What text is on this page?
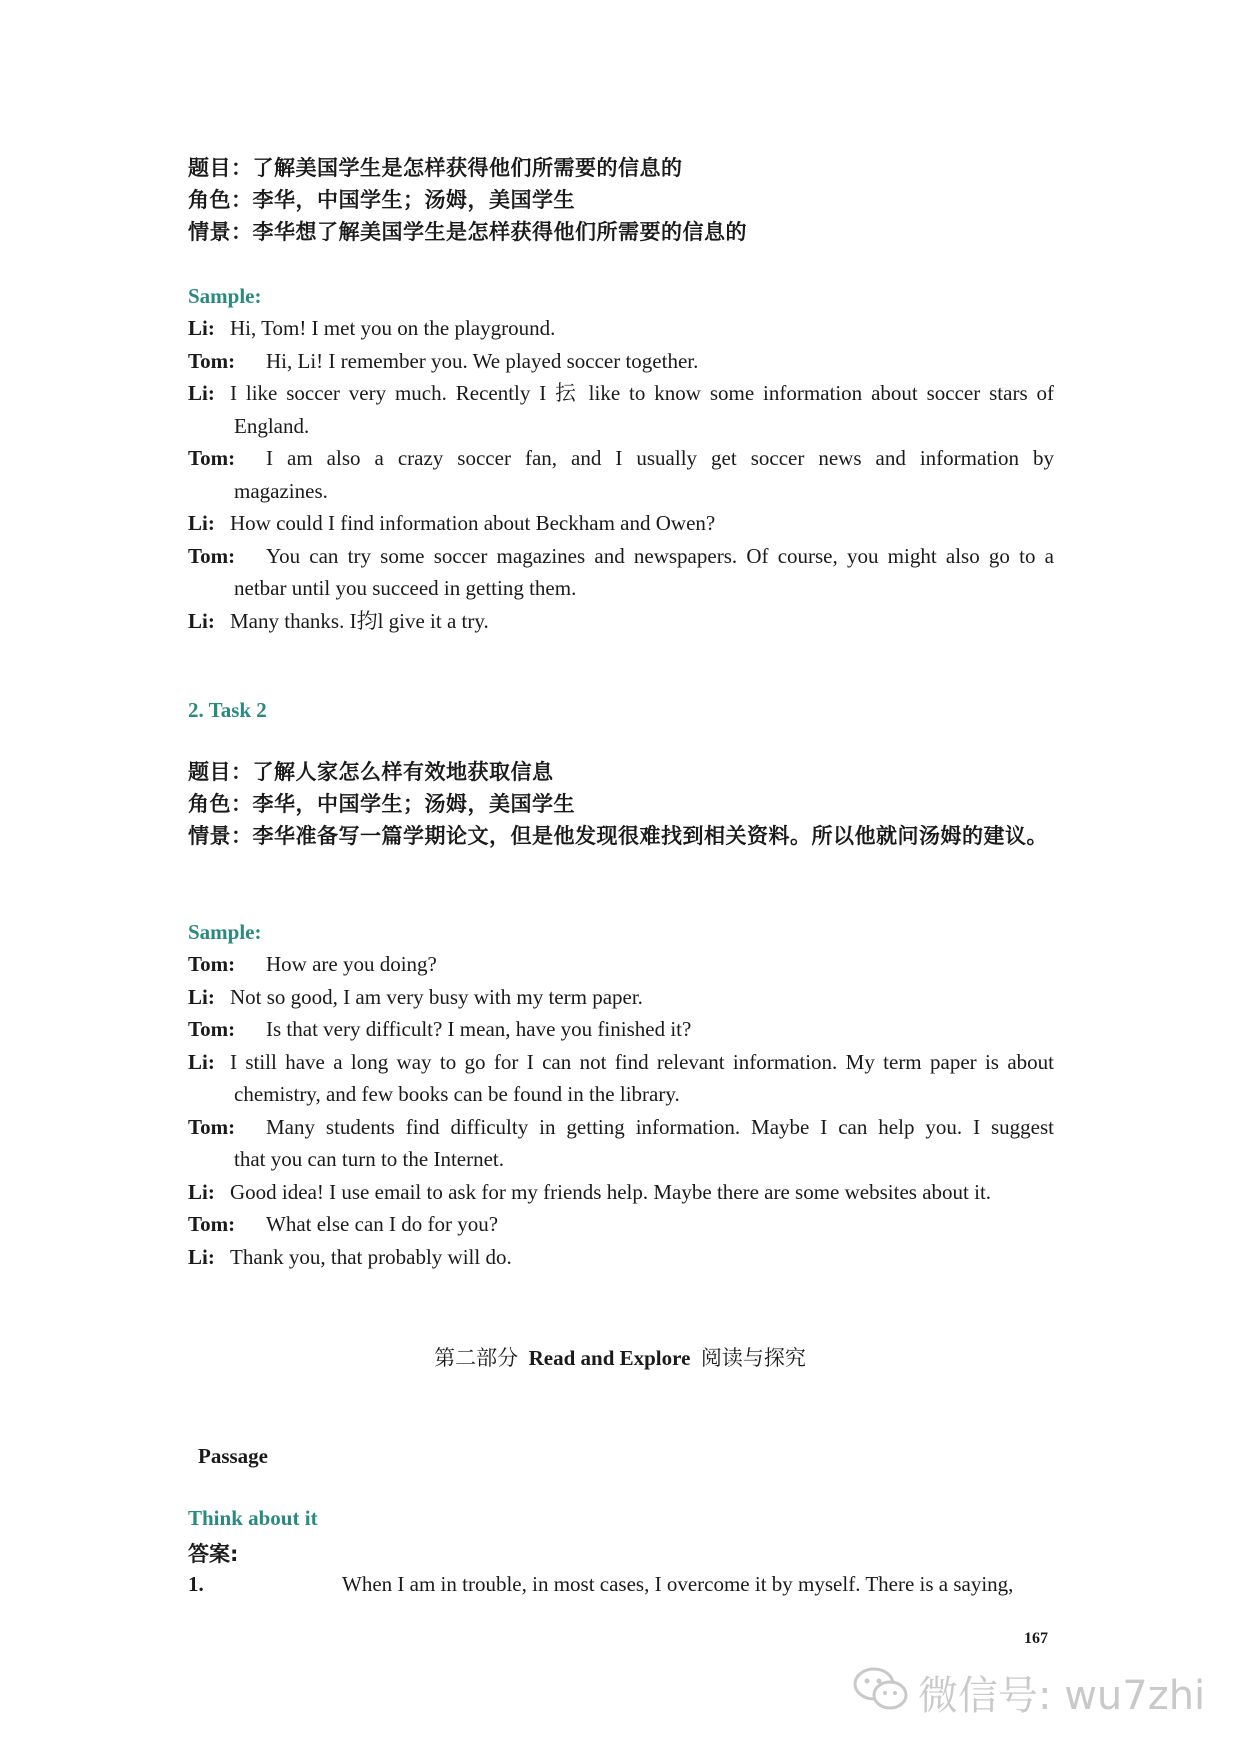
题目：了解美国学生是怎样获得他们所需要的信息的
角色：李华，中国学生；汤姆，美国学生
情景：李华想了解美国学生是怎样获得他们所需要的信息的
Sample:
Li: Hi, Tom! I met you on the playground.
Tom: Hi, Li! I remember you. We played soccer together.
Li: I like soccer very much. Recently I 抎 like to know some information about soccer stars of
England.
Tom: I am also a crazy soccer fan, and I usually get soccer news and information by
magazines.
Li: How could I find information about Beckham and Owen?
Tom: You can try some soccer magazines and newspapers. Of course, you might also go to a
netbar until you succeed in getting them.
Li: Many thanks. I抣l give it a try.
2. Task 2
题目：了解人家怎么样有效地获取信息
角色：李华，中国学生；汤姆，美国学生
情景：李华准备写一篇学期论文，但是他发现很难找到相关资料。所以他就问汤姆的建议。
Sample:
Tom: How are you doing?
Li: Not so good, I am very busy with my term paper.
Tom: Is that very difficult? I mean, have you finished it?
Li: I still have a long way to go for I can not find relevant information. My term paper is about
chemistry, and few books can be found in the library.
Tom: Many students find difficulty in getting information. Maybe I can help you. I suggest
that you can turn to the Internet.
Li: Good idea! I use email to ask for my friends help. Maybe there are some websites about it.
Tom: What else can I do for you?
Li: Thank you, that probably will do.
第二部分 Read and Explore 阅读与探究
Passage
Think about it
答案:
1.	When I am in trouble, in most cases, I overcome it by myself. There is a saying,
167
微信号: wu7zhi
